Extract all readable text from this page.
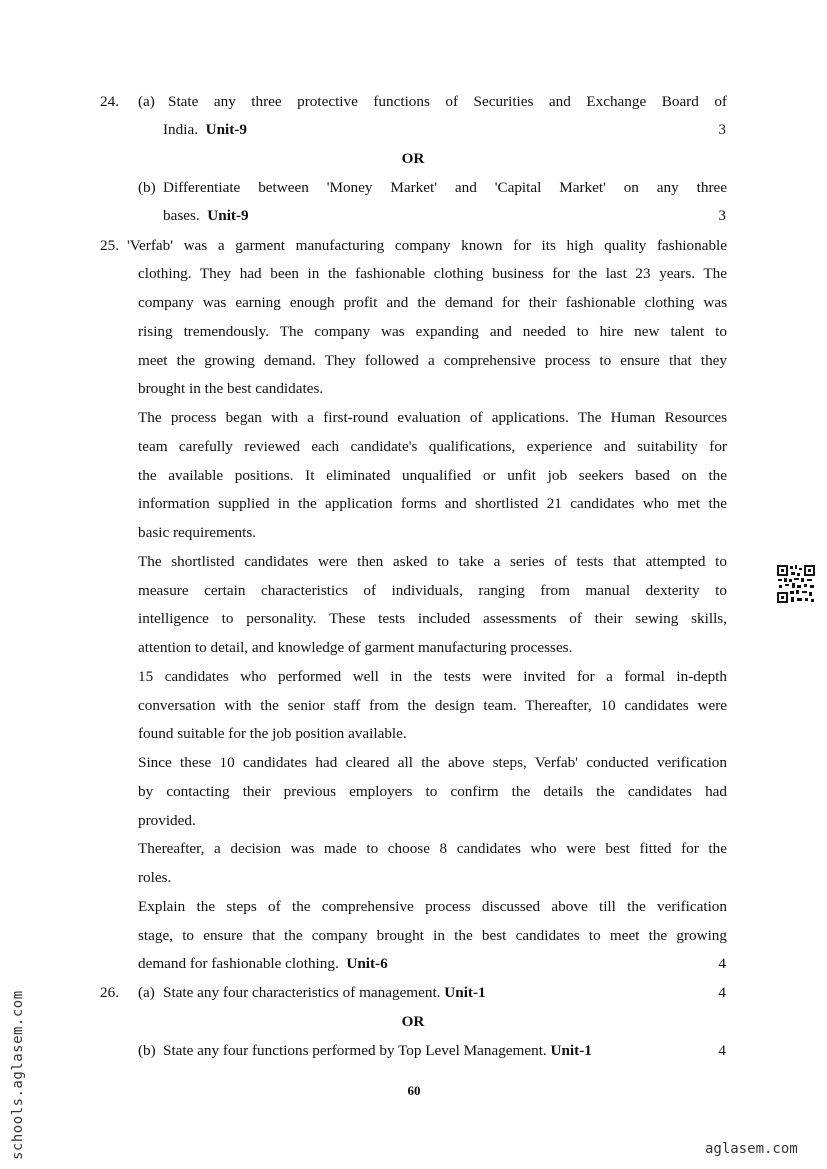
24. (a) State any three protective functions of Securities and Exchange Board of
India. Unit-9	3
OR
(b) Differentiate between 'Money Market' and 'Capital Market' on any three
bases. Unit-9	3
25. 'Verfab' was a garment manufacturing company known for its high quality fashionable
clothing. They had been in the fashionable clothing business for the last 23 years. The
company was earning enough profit and the demand for their fashionable clothing was
rising tremendously. The company was expanding and needed to hire new talent to
meet the growing demand. They followed a comprehensive process to ensure that they
brought in the best candidates.
The process began with a first-round evaluation of applications. The Human Resources
team carefully reviewed each candidate's qualifications, experience and suitability for
the available positions. It eliminated unqualified or unfit job seekers based on the
information supplied in the application forms and shortlisted 21 candidates who met the
basic requirements.
The shortlisted candidates were then asked to take a series of tests that attempted to
measure certain characteristics of individuals, ranging from manual dexterity to
intelligence to personality. These tests included assessments of their sewing skills,
attention to detail, and knowledge of garment manufacturing processes.
15 candidates who performed well in the tests were invited for a formal in-depth
conversation with the senior staff from the design team. Thereafter, 10 candidates were
found suitable for the job position available.
Since these 10 candidates had cleared all the above steps, Verfab' conducted verification
by contacting their previous employers to confirm the details the candidates had
provided.
Thereafter, a decision was made to choose 8 candidates who were best fitted for the
roles.
Explain the steps of the comprehensive process discussed above till the verification
stage, to ensure that the company brought in the best candidates to meet the growing
demand for fashionable clothing. Unit-6	4
26. (a) State any four characteristics of management. Unit-1	4
OR
(b) State any four functions performed by Top Level Management. Unit-1	4
60
schools.aglasem.com	aglasem.com
